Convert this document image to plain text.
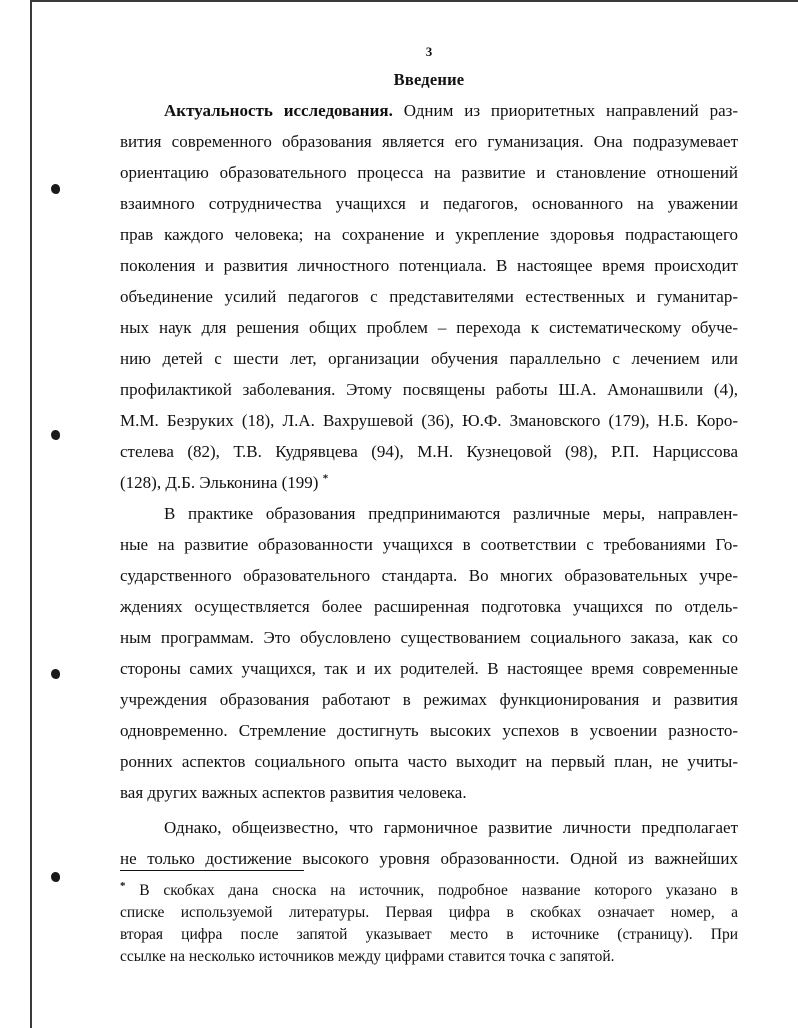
3
Введение
Актуальность исследования. Одним из приоритетных направлений раз-
вития современного образования является его гуманизация. Она подразумевает
ориентацию образовательного процесса на развитие и становление отношений
взаимного сотрудничества учащихся и педагогов, основанного на уважении
прав каждого человека; на сохранение и укрепление здоровья подрастающего
поколения и развития личностного потенциала. В настоящее время происходит
объединение усилий педагогов с представителями естественных и гуманитар-
ных наук для решения общих проблем – перехода к систематическому обуче-
нию детей с шести лет, организации обучения параллельно с лечением или
профилактикой заболевания. Этому посвящены работы Ш.А. Амонашвили (4),
М.М. Безруких (18), Л.А. Вахрушевой (36), Ю.Ф. Змановского (179), Н.Б. Коро-
стелева (82), Т.В. Кудрявцева (94), М.Н. Кузнецовой (98), Р.П. Нарциссова
(128), Д.Б. Эльконина (199) *
В практике образования предпринимаются различные меры, направлен-
ные на развитие образованности учащихся в соответствии с требованиями Го-
сударственного образовательного стандарта. Во многих образовательных учре-
ждениях осуществляется более расширенная подготовка учащихся по отдель-
ным программам. Это обусловлено существованием социального заказа, как со
стороны самих учащихся, так и их родителей. В настоящее время современные
учреждения образования работают в режимах функционирования и развития
одновременно. Стремление достигнуть высоких успехов в усвоении разносто-
ронних аспектов социального опыта часто выходит на первый план, не учиты-
вая других важных аспектов развития человека.
Однако, общеизвестно, что гармоничное развитие личности предполагает
не только достижение высокого уровня образованности. Одной из важнейших
* В скобках дана сноска на источник, подробное название которого указано в
списке используемой литературы. Первая цифра в скобках означает номер, а
вторая цифра после запятой указывает место в источнике (страницу). При
ссылке на несколько источников между цифрами ставится точка с запятой.
